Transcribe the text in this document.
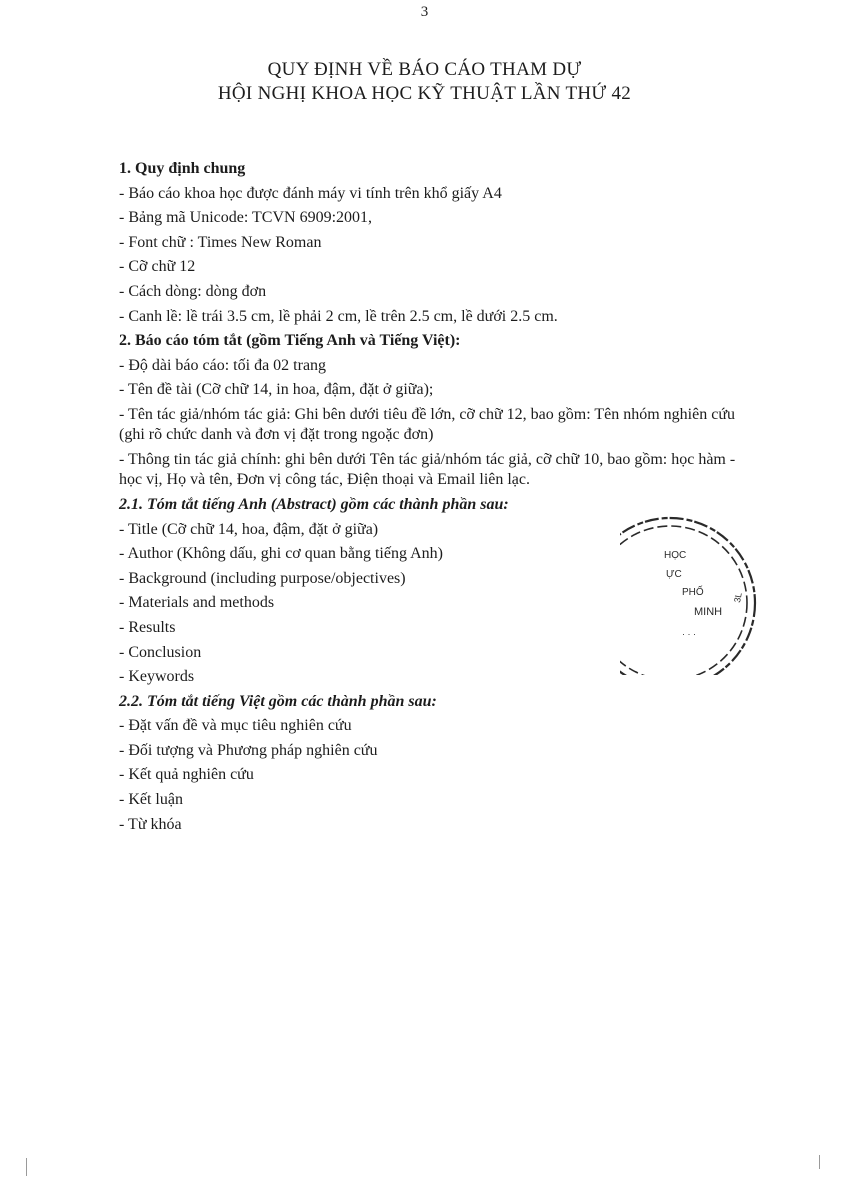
3
QUY ĐỊNH VỀ BÁO CÁO THAM DỰ
HỘI NGHỊ KHOA HỌC KỸ THUẬT LẦN THỨ 42
1. Quy định chung
- Báo cáo khoa học được đánh máy vi tính trên khổ giấy A4
- Bảng mã Unicode: TCVN 6909:2001,
- Font chữ : Times New Roman
- Cỡ chữ 12
- Cách dòng: dòng đơn
- Canh lề: lề trái 3.5 cm, lề phải 2 cm, lề trên 2.5 cm, lề dưới 2.5 cm.
2. Báo cáo tóm tắt (gồm Tiếng Anh và Tiếng Việt):
- Độ dài báo cáo: tối đa 02 trang
- Tên đề tài (Cỡ chữ 14, in hoa, đậm, đặt ở giữa);
- Tên tác giả/nhóm tác giả: Ghi bên dưới tiêu đề lớn, cỡ chữ 12, bao gồm: Tên nhóm nghiên cứu (ghi rõ chức danh và đơn vị đặt trong ngoặc đơn)
- Thông tin tác giả chính: ghi bên dưới Tên tác giả/nhóm tác giả, cỡ chữ 10, bao gồm: học hàm - học vị, Họ và tên, Đơn vị công tác, Điện thoại và Email liên lạc.
2.1. Tóm tắt tiếng Anh (Abstract) gồm các thành phần sau:
- Title (Cỡ chữ 14, hoa, đậm, đặt ở giữa)
- Author (Không dấu, ghi cơ quan bằng tiếng Anh)
- Background (including purpose/objectives)
- Materials and methods
- Results
- Conclusion
- Keywords
2.2. Tóm tắt tiếng Việt gồm các thành phần sau:
- Đặt vấn đề và mục tiêu nghiên cứu
- Đối tượng và Phương pháp nghiên cứu
- Kết quả nghiên cứu
- Kết luận
- Từ khóa
HỌC
ỰC
PHỐ
MINH
3L
· · ·
